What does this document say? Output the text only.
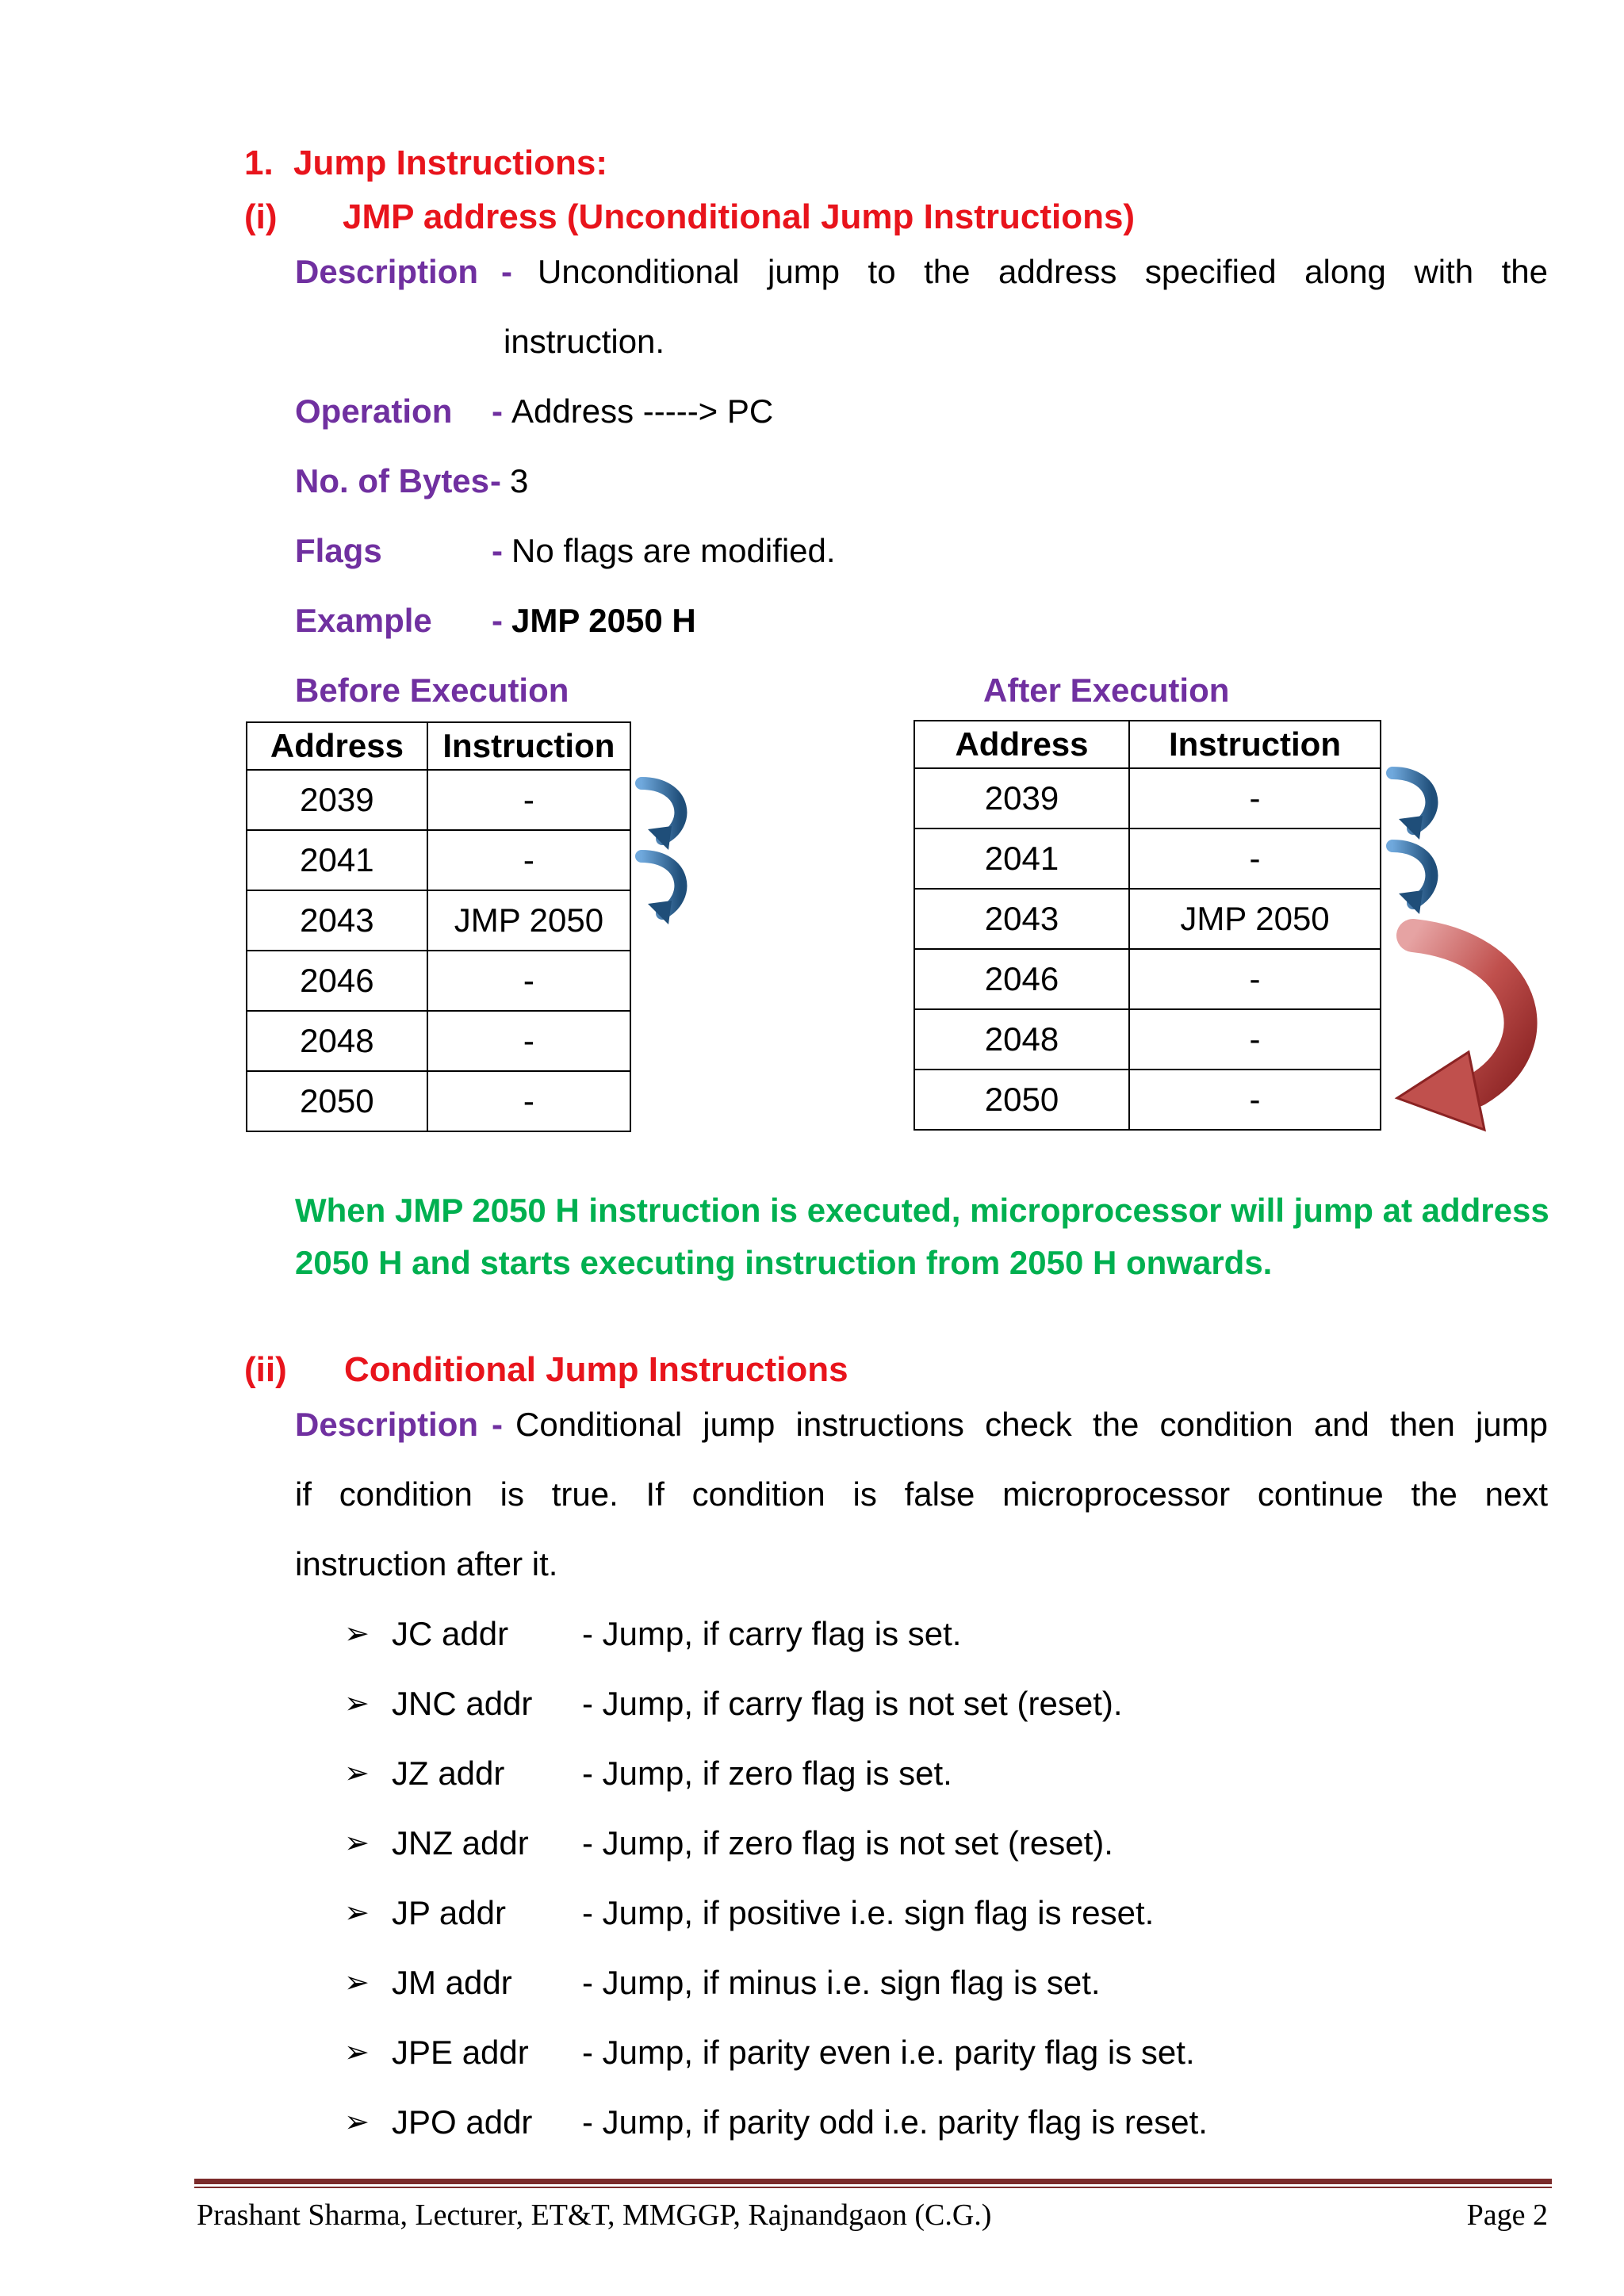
1. Jump Instructions:
(i) JMP address (Unconditional Jump Instructions)
Description - Unconditional jump to the address specified along with the
instruction.
Operation - Address -----> PC
No. of Bytes - 3
Flags	- No flags are modified.
Example - JMP 2050 H
Before Execution	After Execution
Address	Instruction
2039	-
2041	-
2043	JMP 2050
2046	-
2048	-
2050	-
Address	Instruction
2039	-
2041	-
2043	JMP 2050
2046	-
2048	-
2050	-
When JMP 2050 H instruction is executed, microprocessor will jump at address
2050 H and starts executing instruction from 2050 H onwards.
(ii) Conditional Jump Instructions
Description - Conditional jump instructions check the condition and then jump
if condition is true. If condition is false microprocessor continue the next
instruction after it.
➢ JC addr - Jump, if carry flag is set.
➢ JNC addr - Jump, if carry flag is not set (reset).
➢ JZ addr - Jump, if zero flag is set.
➢ JNZ addr - Jump, if zero flag is not set (reset).
➢ JP addr - Jump, if positive i.e. sign flag is reset.
➢ JM addr - Jump, if minus i.e. sign flag is set.
➢ JPE addr - Jump, if parity even i.e. parity flag is set.
➢ JPO addr - Jump, if parity odd i.e. parity flag is reset.
Prashant Sharma, Lecturer, ET&T, MMGGP, Rajnandgaon (C.G.)	Page 2
